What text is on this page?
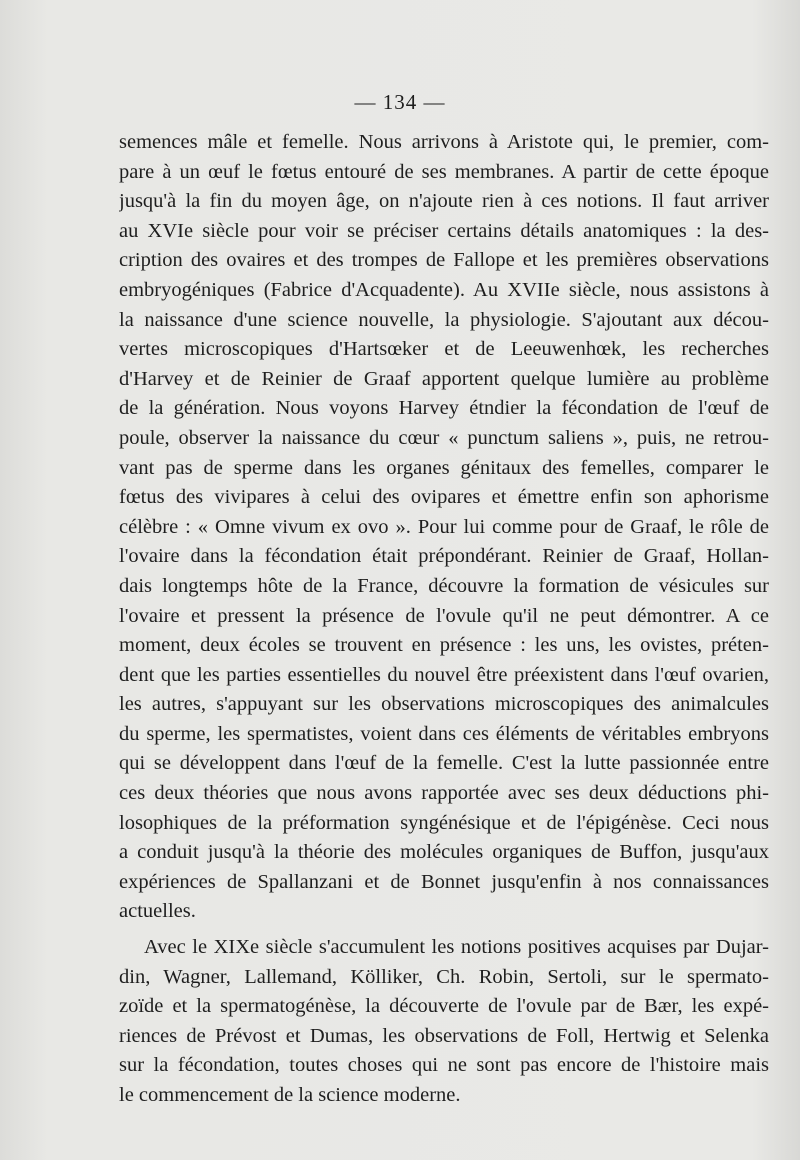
— 134 —
semences mâle et femelle. Nous arrivons à Aristote qui, le premier, com-
pare à un œuf le fœtus entouré de ses membranes. A partir de cette époque
jusqu'à la fin du moyen âge, on n'ajoute rien à ces notions. Il faut arriver
au XVIe siècle pour voir se préciser certains détails anatomiques : la des-
cription des ovaires et des trompes de Fallope et les premières observations
embryogéniques (Fabrice d'Acquadente). Au XVIIe siècle, nous assistons à
la naissance d'une science nouvelle, la physiologie. S'ajoutant aux décou-
vertes microscopiques d'Hartsœker et de Leeuwenhœk, les recherches
d'Harvey et de Reinier de Graaf apportent quelque lumière au problème
de la génération. Nous voyons Harvey étndier la fécondation de l'œuf de
poule, observer la naissance du cœur « punctum saliens », puis, ne retrou-
vant pas de sperme dans les organes génitaux des femelles, comparer le
fœtus des vivipares à celui des ovipares et émettre enfin son aphorisme
célèbre : « Omne vivum ex ovo ». Pour lui comme pour de Graaf, le rôle de
l'ovaire dans la fécondation était prépondérant. Reinier de Graaf, Hollan-
dais longtemps hôte de la France, découvre la formation de vésicules sur
l'ovaire et pressent la présence de l'ovule qu'il ne peut démontrer. A ce
moment, deux écoles se trouvent en présence : les uns, les ovistes, préten-
dent que les parties essentielles du nouvel être préexistent dans l'œuf ovarien,
les autres, s'appuyant sur les observations microscopiques des animalcules
du sperme, les spermatistes, voient dans ces éléments de véritables embryons
qui se développent dans l'œuf de la femelle. C'est la lutte passionnée entre
ces deux théories que nous avons rapportée avec ses deux déductions phi-
losophiques de la préformation syngénésique et de l'épigénèse. Ceci nous
a conduit jusqu'à la théorie des molécules organiques de Buffon, jusqu'aux
expériences de Spallanzani et de Bonnet jusqu'enfin à nos connaissances
actuelles.
Avec le XIXe siècle s'accumulent les notions positives acquises par Dujar-
din, Wagner, Lallemand, Kölliker, Ch. Robin, Sertoli, sur le spermato-
zoïde et la spermatogénèse, la découverte de l'ovule par de Bær, les expé-
riences de Prévost et Dumas, les observations de Foll, Hertwig et Selenka
sur la fécondation, toutes choses qui ne sont pas encore de l'histoire mais
le commencement de la science moderne.
